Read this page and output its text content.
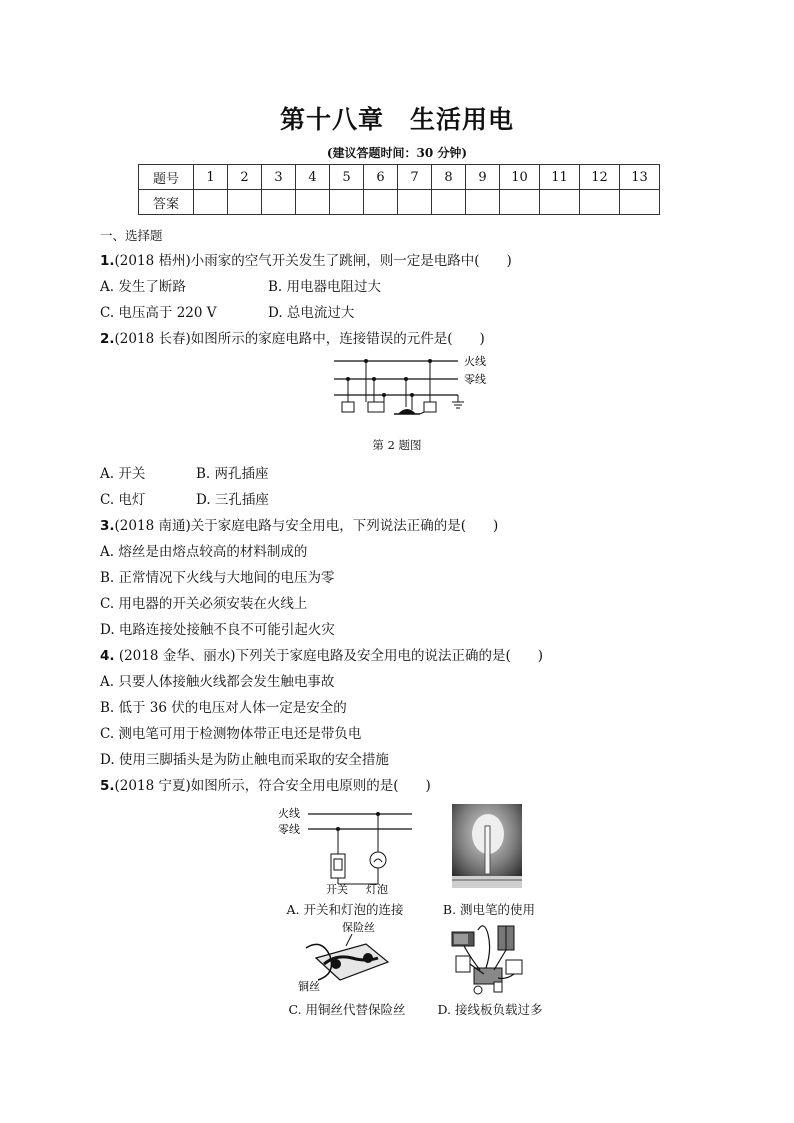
第十八章　生活用电
(建议答题时间：30 分钟)
题号	1	2	3	4	5	6	7	8	9	10	11	12	13
答案													
一、选择题
1.(2018 梧州)小雨家的空气开关发生了跳闸，则一定是电路中(　　)
A. 发生了断路	B. 用电器电阻过大
C. 电压高于 220 V	D. 总电流过大
2.(2018 长春)如图所示的家庭电路中，连接错误的元件是(　　)
火线
零线
第 2 题图
A. 开关	B. 两孔插座
C. 电灯	D. 三孔插座
3.(2018 南通)关于家庭电路与安全用电，下列说法正确的是(　　)
A. 熔丝是由熔点较高的材料制成的
B. 正常情况下火线与大地间的电压为零
C. 用电器的开关必须安装在火线上
D. 电路连接处接触不良不可能引起火灾
4. (2018 金华、丽水)下列关于家庭电路及安全用电的说法正确的是(　　)
A. 只要人体接触火线都会发生触电事故
B. 低于 36 伏的电压对人体一定是安全的
C. 测电笔可用于检测物体带正电还是带负电
D. 使用三脚插头是为防止触电而采取的安全措施
5.(2018 宁夏)如图所示，符合安全用电原则的是(　　)
火线
零线
开关 灯泡
A. 开关和灯泡的连接	B. 测电笔的使用
保险丝
铜丝
C. 用铜丝代替保险丝	D. 接线板负载过多
